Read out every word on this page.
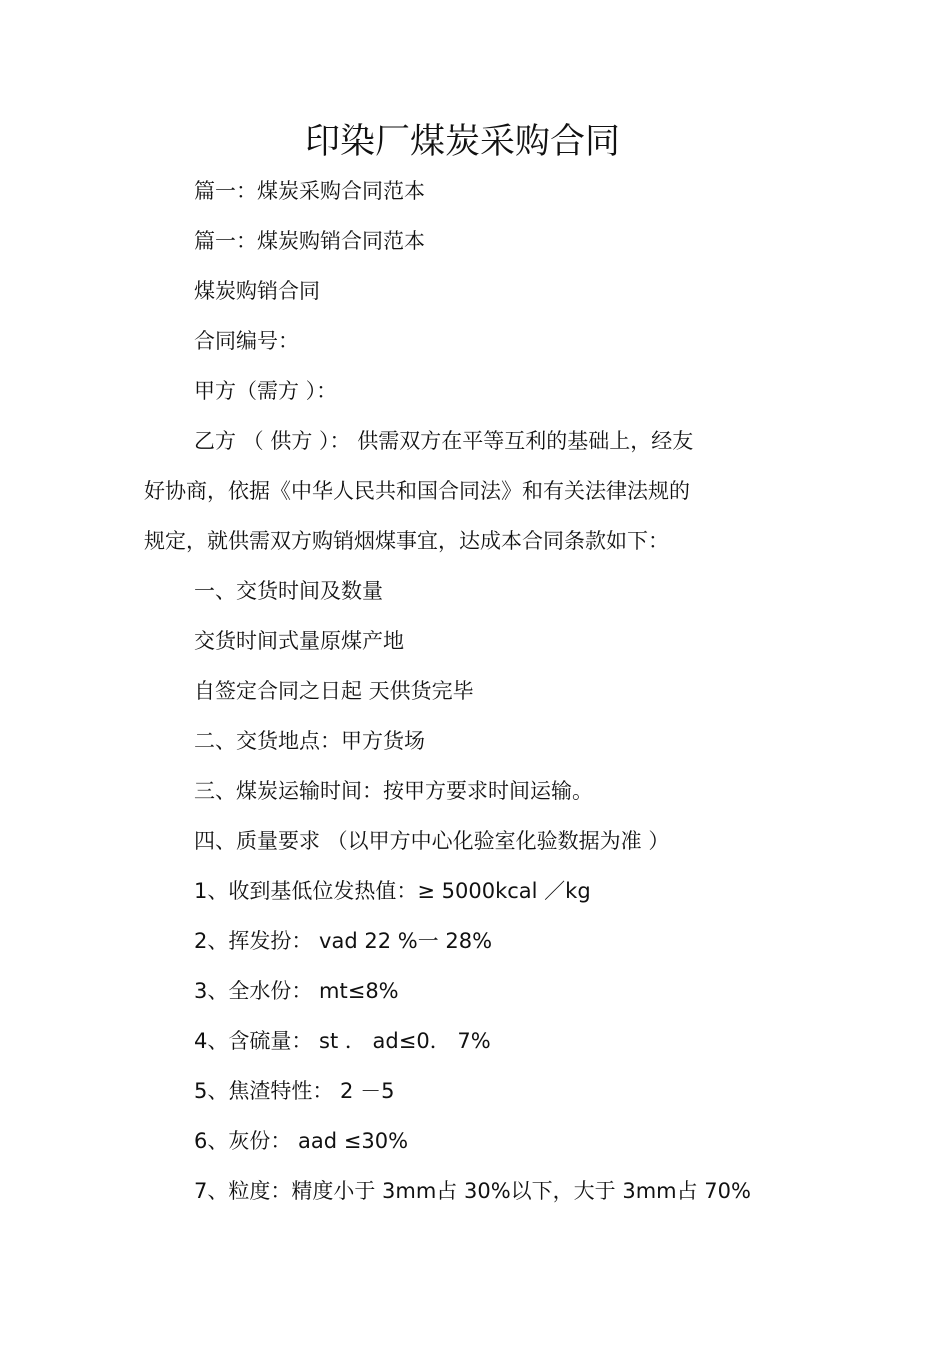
印染厂煤炭采购合同
篇一：煤炭采购合同范本
篇一：煤炭购销合同范本
煤炭购销合同
合同编号：
甲方（需方 ）：
乙方 （ 供方 ）： 供需双方在平等互利的基础上，经友
好协商，依据《中华人民共和国合同法》和有关法律法规的
规定，就供需双方购销烟煤事宜，达成本合同条款如下：
一、交货时间及数量
交货时间式量原煤产地
自签定合同之日起 天供货完毕
二、交货地点：甲方货场
三、煤炭运输时间：按甲方要求时间运输。
四、质量要求 （以甲方中心化验室化验数据为准 ）
1、收到基低位发热值：≥ 5000kcal ／kg
2、挥发扮： vad 22 %一 28%
3、全水份： mt≤8%
4、含硫量： st ． ad≤0． 7%
5、焦渣特性： 2 －5
6、灰份： aad ≤30%
7、粒度：精度小于 3mm占 30%以下，大于 3mm占 70%
